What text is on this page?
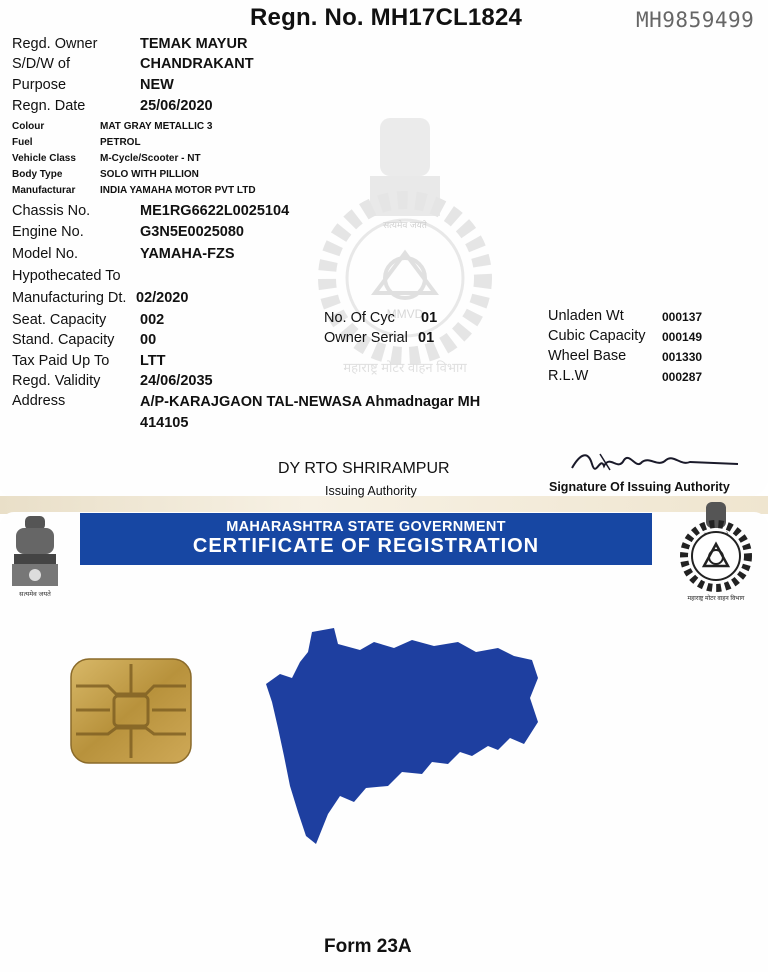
सत्यमेव जयते
MMVD
महाराष्ट्र मोटर वाहन विभाग
Regn. No. MH17CL1824	MH9859499
Regd. Owner	TEMAK MAYUR
S/D/W of	CHANDRAKANT
Purpose	NEW
Regn. Date	25/06/2020
Colour	MAT GRAY METALLIC 3
Fuel	PETROL
Vehicle Class M-Cycle/Scooter - NT
Body Type	SOLO WITH PILLION
Manufacturar INDIA YAMAHA MOTOR PVT LTD
Chassis No.	ME1RG6622L0025104
Engine No.	G3N5E0025080
Model No.	YAMAHA-FZS
Hypothecated To
Manufacturing Dt. 02/2020
Seat. Capacity 002
Stand. Capacity 00
Tax Paid Up To LTT
Regd. Validity	24/06/2035
Address	A/P-KARAJGAON TAL-NEWASA Ahmadnagar MH
414105
No. Of Cyc 01
Owner Serial 01
Unladen Wt	000137
Cubic Capacity 000149
Wheel Base	001330
R.L.W	000287
DY RTO SHRIRAMPUR
Issuing Authority	Signature Of Issuing Authority
सत्यमेव जयते
MAHARASHTRA STATE GOVERNMENT
CERTIFICATE OF REGISTRATION
महाराष्ट्र मोटर वाहन विभाग
Form 23A
